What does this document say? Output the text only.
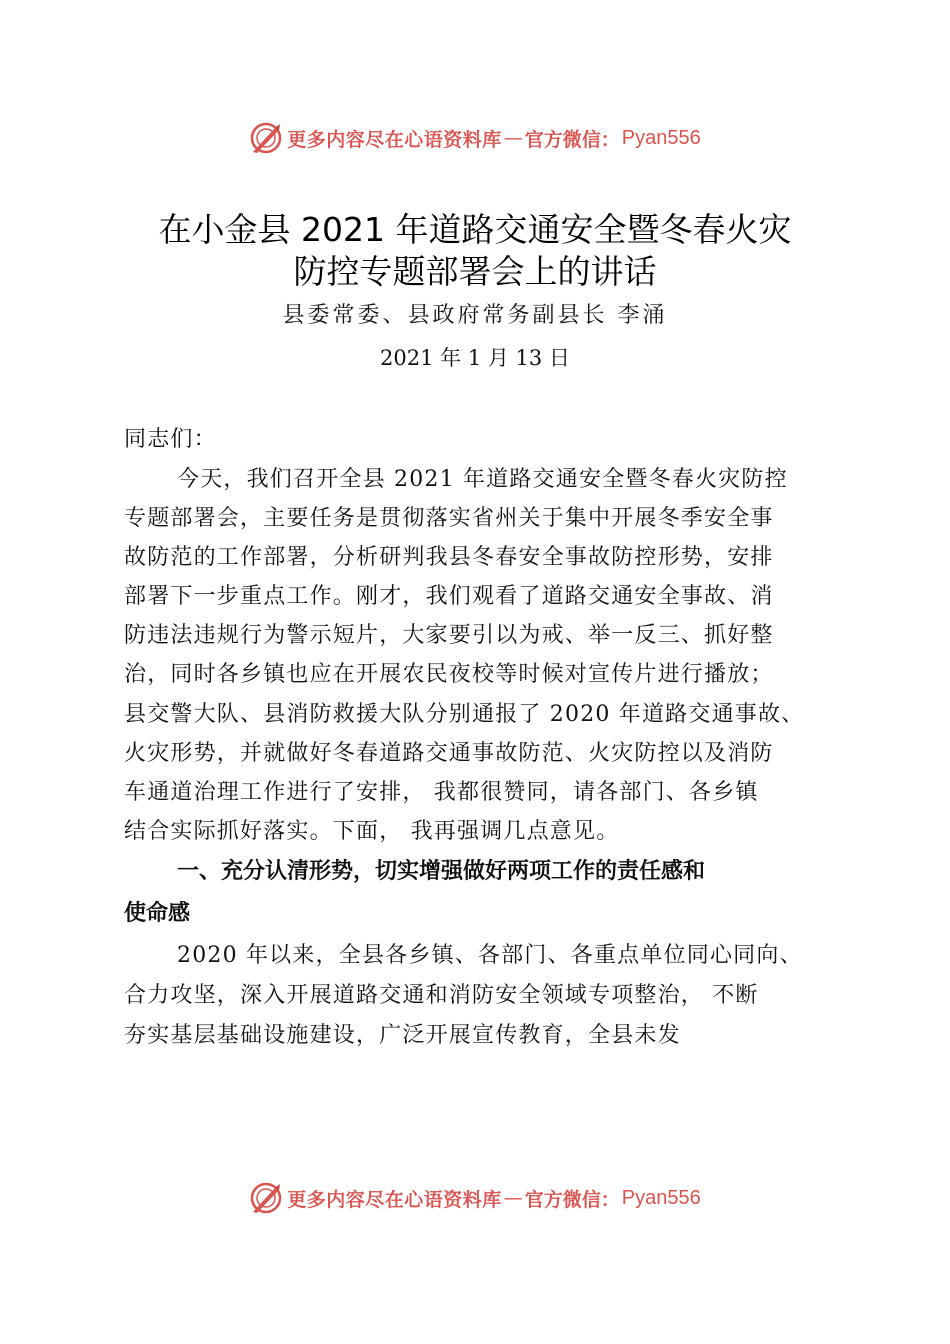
更多内容尽在心语资料库 — 官方微信： Pyan556
在小金县 2021 年道路交通安全暨冬春火灾
防控专题部署会上的讲话
县委常委、县政府常务副县长 李涌
2021 年 1 月 13 日
同志们：
今天，我们召开全县 2021 年道路交通安全暨冬春火灾防控
专题部署会，主要任务是贯彻落实省州关于集中开展冬季安全事
故防范的工作部署，分析研判我县冬春安全事故防控形势，安排
部署下一步重点工作。刚才，我们观看了道路交通安全事故、消
防违法违规行为警示短片，大家要引以为戒、举一反三、抓好整
治，同时各乡镇也应在开展农民夜校等时候对宣传片进行播放；
县交警大队、县消防救援大队分别通报了 2020 年道路交通事故、
火灾形势，并就做好冬春道路交通事故防范、火灾防控以及消防
车通道治理工作进行了安排， 我都很赞同，请各部门、各乡镇
结合实际抓好落实。下面， 我再强调几点意见。
一、充分认清形势，切实增强做好两项工作的责任感和
使命感
2020 年以来，全县各乡镇、各部门、各重点单位同心同向、
合力攻坚，深入开展道路交通和消防安全领域专项整治， 不断
夯实基层基础设施建设，广泛开展宣传教育，全县未发
更多内容尽在心语资料库 — 官方微信： Pyan556
